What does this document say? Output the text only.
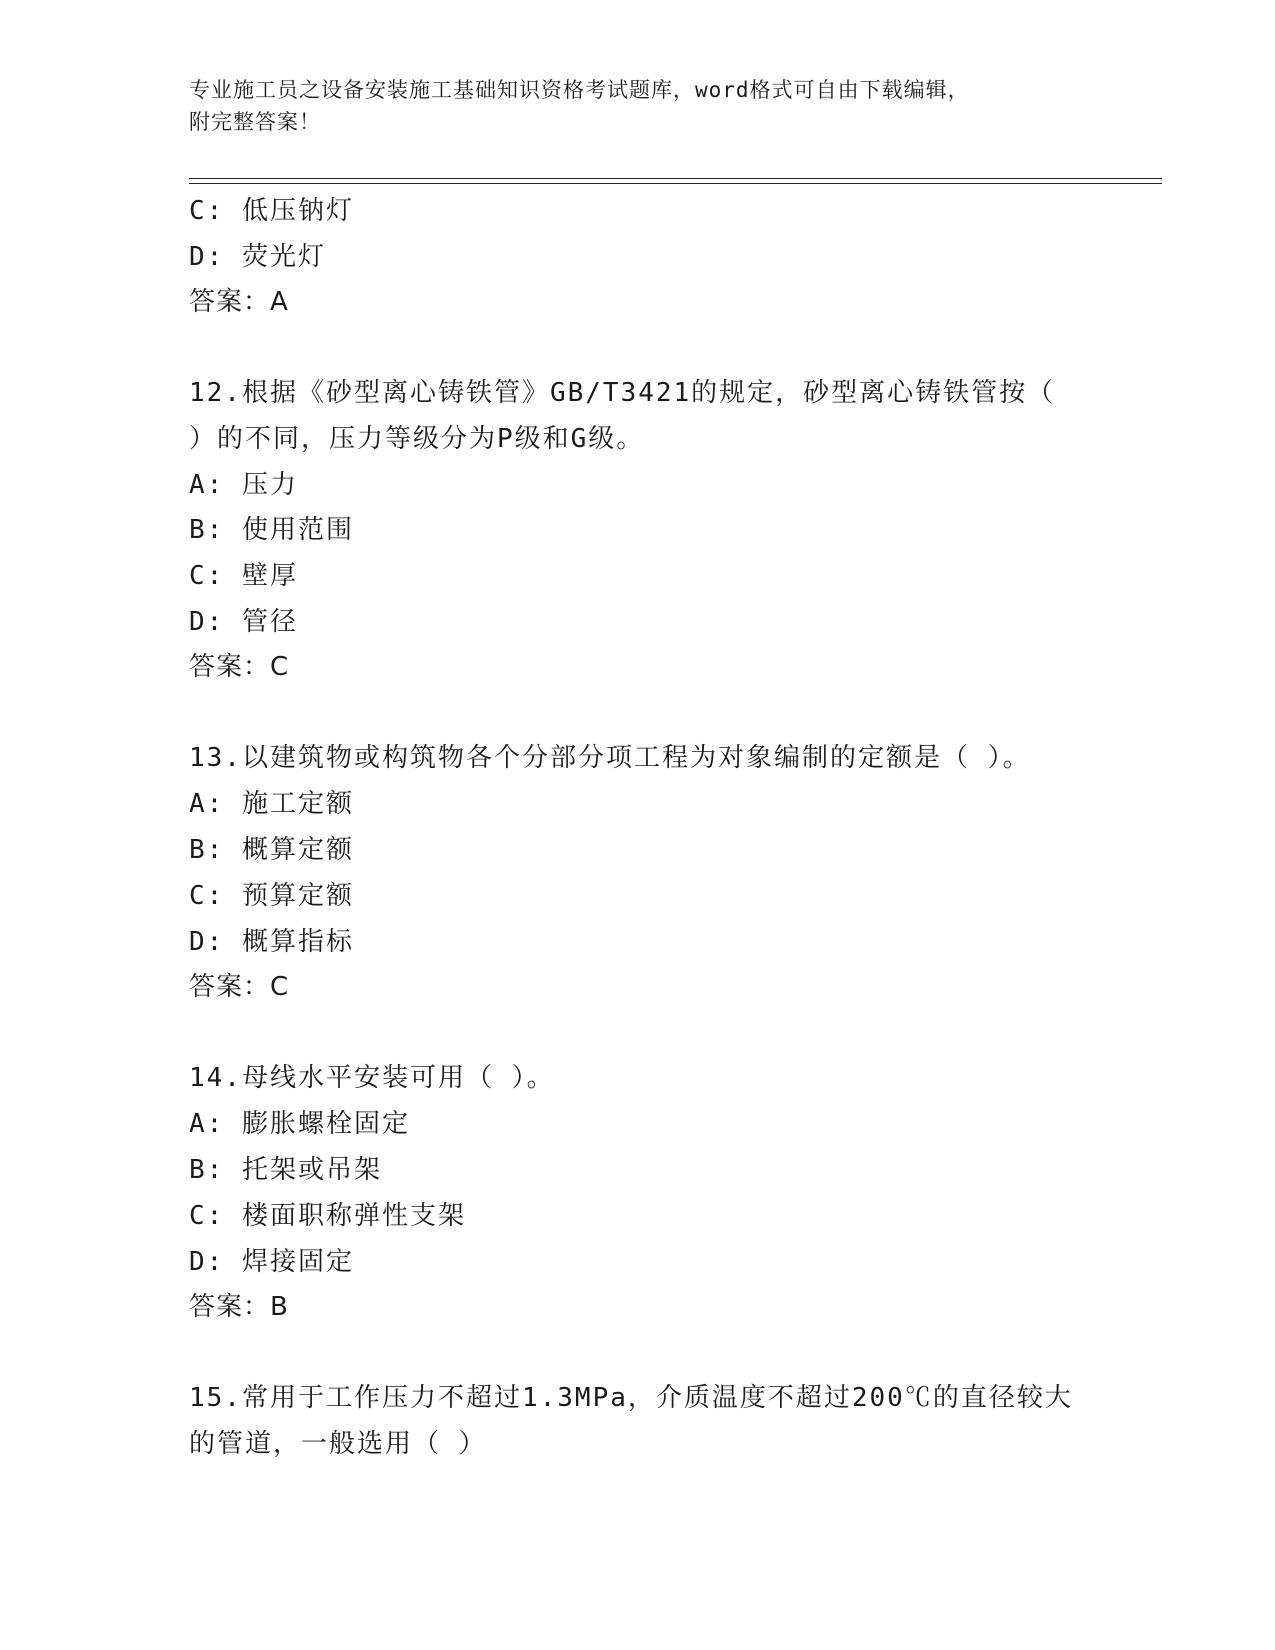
专业施工员之设备安装施工基础知识资格考试题库，word格式可自由下载编辑，
附完整答案！
C: 低压钠灯
D: 荧光灯
答案：A
12.根据《砂型离心铸铁管》GB/T3421的规定，砂型离心铸铁管按（
）的不同，压力等级分为P级和G级。
A: 压力
B: 使用范围
C: 壁厚
D: 管径
答案：C
13.以建筑物或构筑物各个分部分项工程为对象编制的定额是（ ）。
A: 施工定额
B: 概算定额
C: 预算定额
D: 概算指标
答案：C
14.母线水平安装可用（ ）。
A: 膨胀螺栓固定
B: 托架或吊架
C: 楼面职称弹性支架
D: 焊接固定
答案：B
15.常用于工作压力不超过1.3MPa，介质温度不超过200℃的直径较大
的管道，一般选用（ ）
